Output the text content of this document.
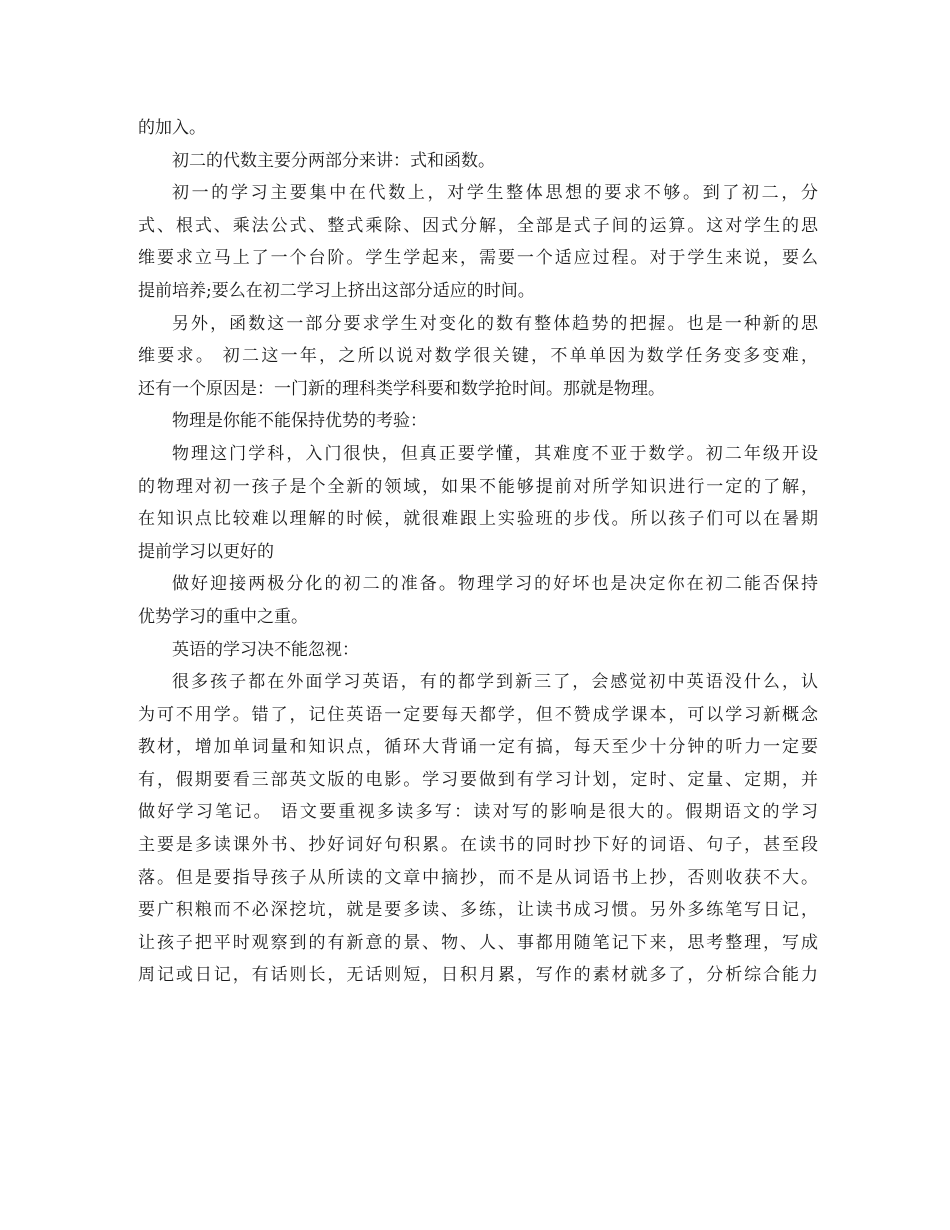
的加入。
初二的代数主要分两部分来讲：式和函数。
初一的学习主要集中在代数上，对学生整体思想的要求不够。到了初二，分
式、根式、乘法公式、整式乘除、因式分解，全部是式子间的运算。这对学生的思
维要求立马上了一个台阶。学生学起来，需要一个适应过程。对于学生来说，要么
提前培养;要么在初二学习上挤出这部分适应的时间。
另外，函数这一部分要求学生对变化的数有整体趋势的把握。也是一种新的思
维要求。 初二这一年，之所以说对数学很关键，不单单因为数学任务变多变难，
还有一个原因是：一门新的理科类学科要和数学抢时间。那就是物理。
物理是你能不能保持优势的考验：
物理这门学科，入门很快，但真正要学懂，其难度不亚于数学。初二年级开设
的物理对初一孩子是个全新的领域，如果不能够提前对所学知识进行一定的了解，
在知识点比较难以理解的时候，就很难跟上实验班的步伐。所以孩子们可以在暑期
提前学习以更好的
做好迎接两极分化的初二的准备。物理学习的好坏也是决定你在初二能否保持
优势学习的重中之重。
英语的学习决不能忽视：
很多孩子都在外面学习英语，有的都学到新三了，会感觉初中英语没什么，认
为可不用学。错了，记住英语一定要每天都学，但不赞成学课本，可以学习新概念
教材，增加单词量和知识点，循环大背诵一定有搞，每天至少十分钟的听力一定要
有，假期要看三部英文版的电影。学习要做到有学习计划，定时、定量、定期，并
做好学习笔记。 语文要重视多读多写：读对写的影响是很大的。假期语文的学习
主要是多读课外书、抄好词好句积累。在读书的同时抄下好的词语、句子，甚至段
落。但是要指导孩子从所读的文章中摘抄，而不是从词语书上抄，否则收获不大。
要广积粮而不必深挖坑，就是要多读、多练，让读书成习惯。另外多练笔写日记，
让孩子把平时观察到的有新意的景、物、人、事都用随笔记下来，思考整理，写成
周记或日记，有话则长，无话则短，日积月累，写作的素材就多了，分析综合能力
